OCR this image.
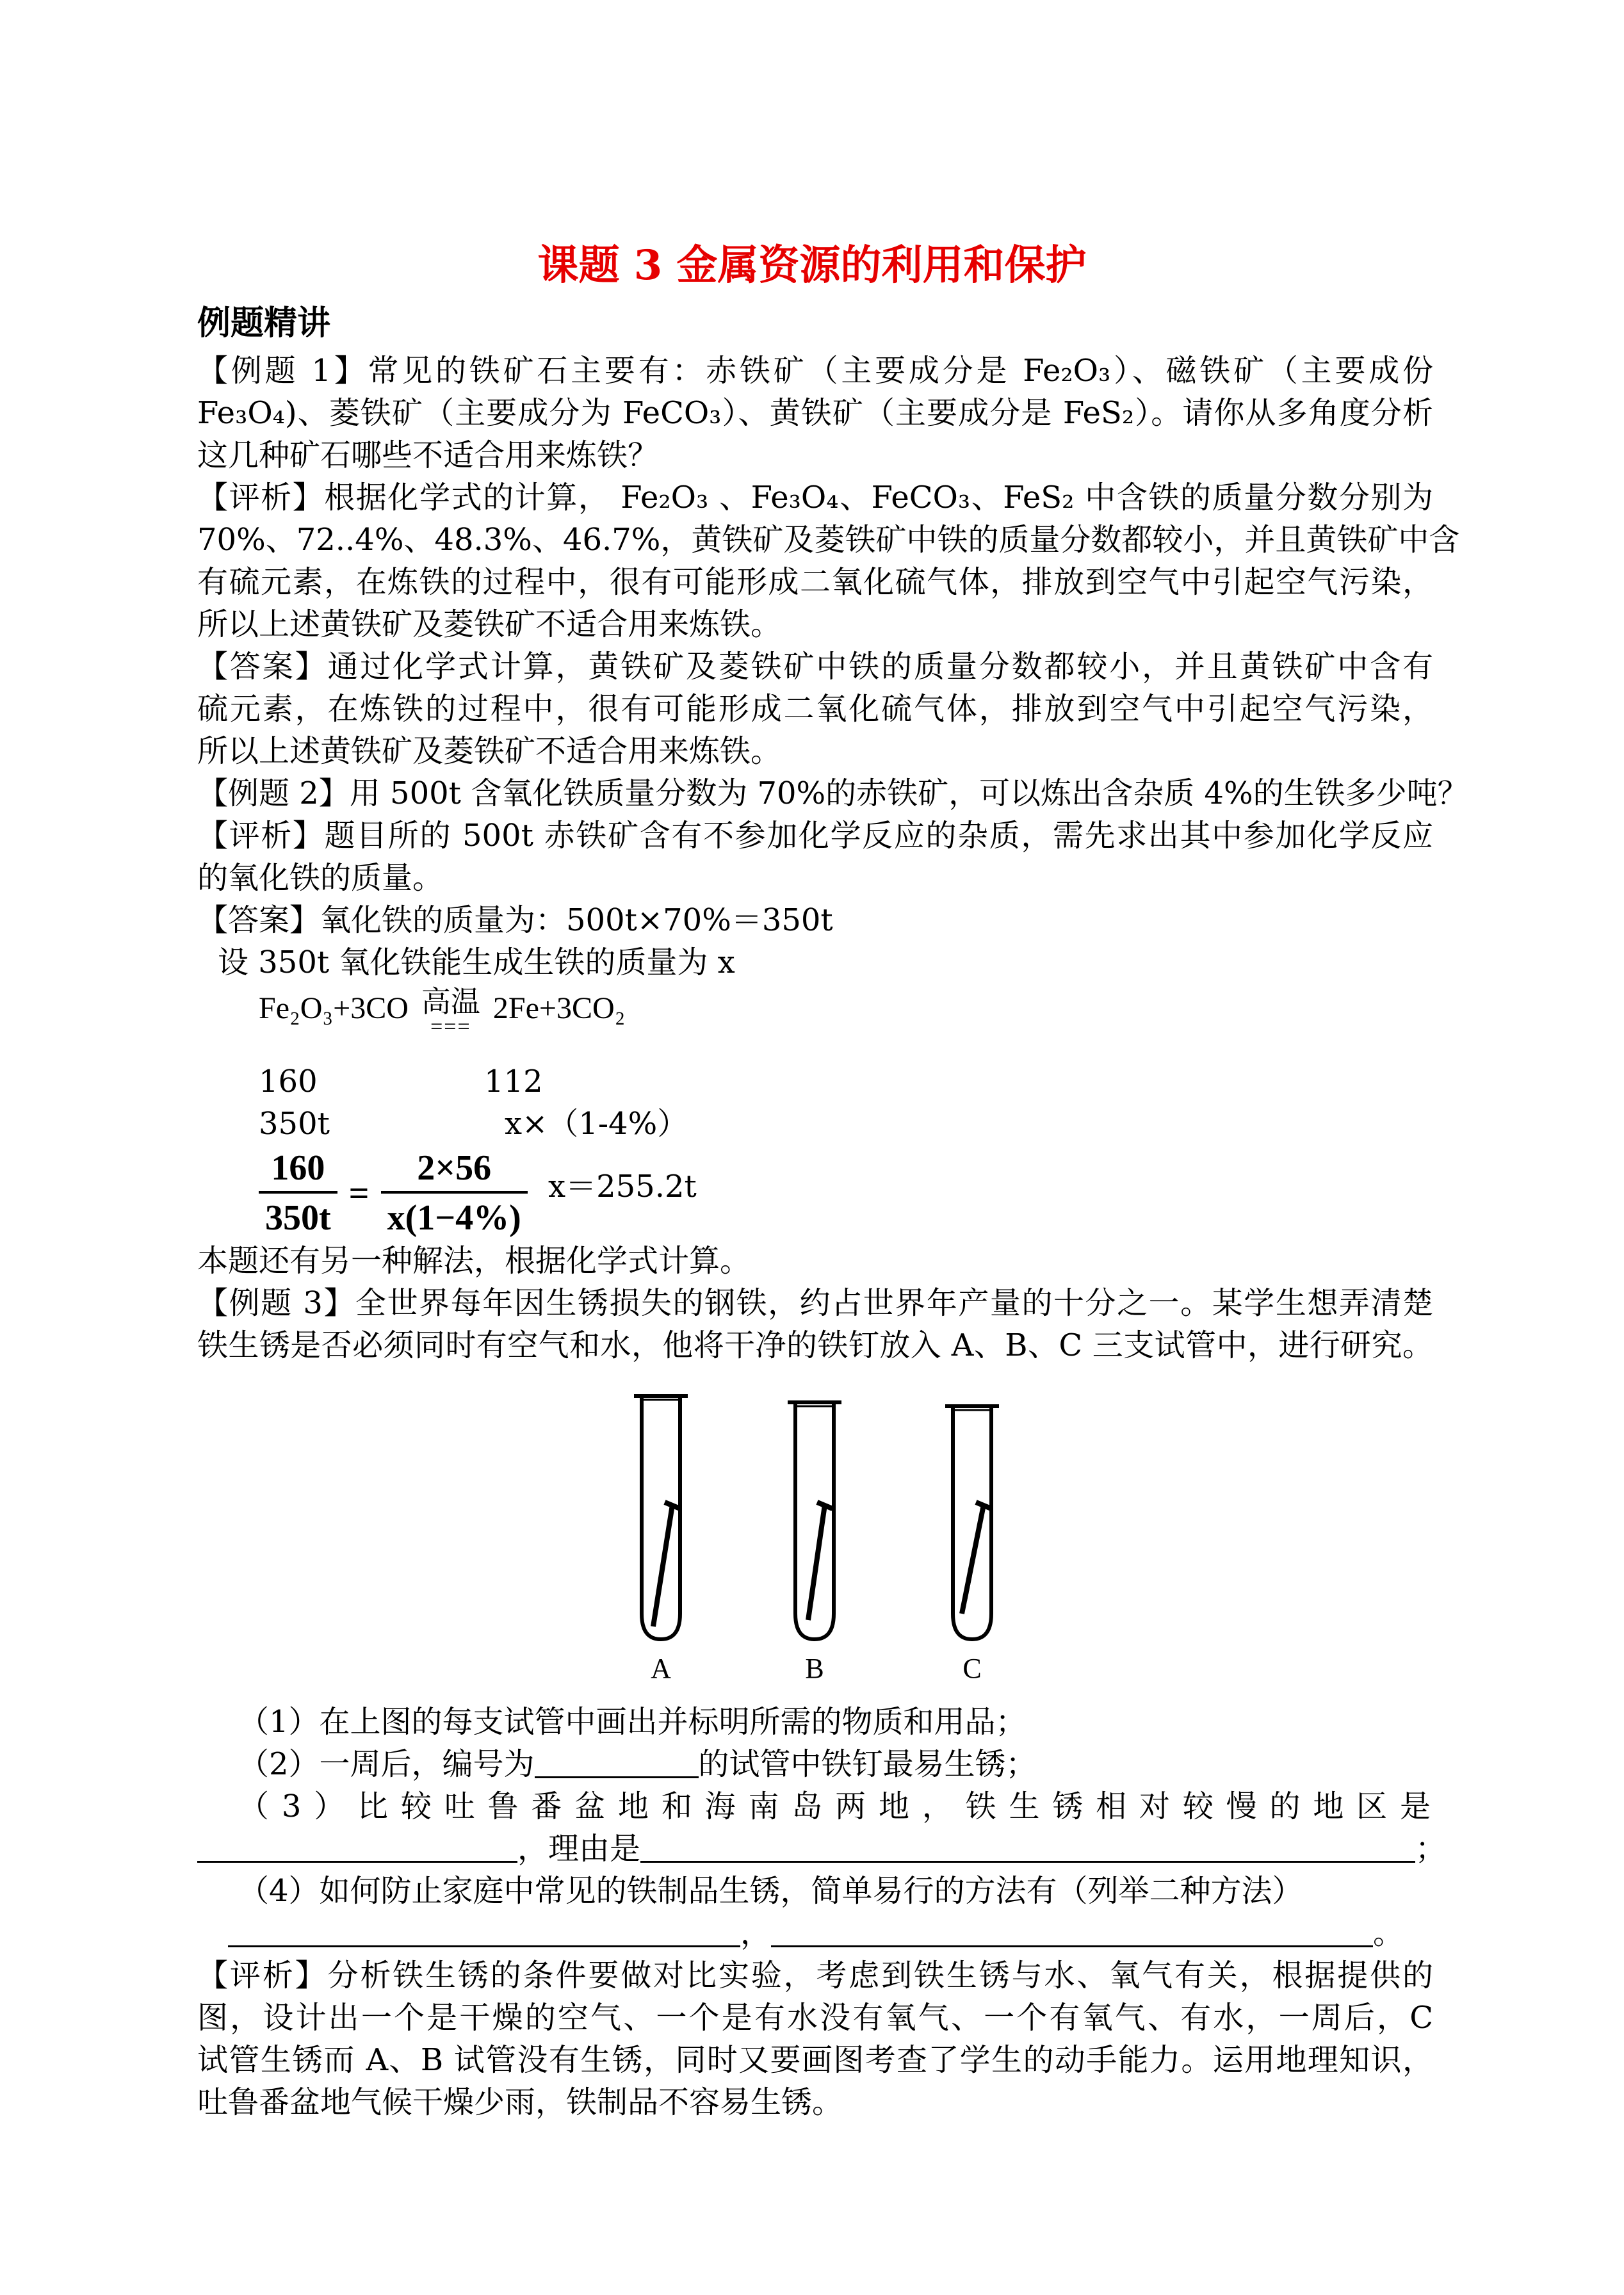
课题 3 金属资源的利用和保护
例题精讲
【例题 1】常见的铁矿石主要有：赤铁矿（主要成分是 Fe₂O₃）、磁铁矿（主要成份
Fe₃O₄)、菱铁矿（主要成分为 FeCO₃）、黄铁矿（主要成分是 FeS₂）。请你从多角度分析
这几种矿石哪些不适合用来炼铁？
【评析】根据化学式的计算， Fe₂O₃ 、Fe₃O₄、FeCO₃、FeS₂ 中含铁的质量分数分别为
70%、72..4%、48.3%、46.7%，黄铁矿及菱铁矿中铁的质量分数都较小，并且黄铁矿中含
有硫元素，在炼铁的过程中，很有可能形成二氧化硫气体，排放到空气中引起空气污染，
所以上述黄铁矿及菱铁矿不适合用来炼铁。
【答案】通过化学式计算，黄铁矿及菱铁矿中铁的质量分数都较小，并且黄铁矿中含有
硫元素，在炼铁的过程中，很有可能形成二氧化硫气体，排放到空气中引起空气污染，
所以上述黄铁矿及菱铁矿不适合用来炼铁。
【例题 2】用 500t 含氧化铁质量分数为 70%的赤铁矿，可以炼出含杂质 4%的生铁多少吨？
【评析】题目所的 500t 赤铁矿含有不参加化学反应的杂质，需先求出其中参加化学反应
的氧化铁的质量。
【答案】氧化铁的质量为：500t×70%＝350t
设 350t 氧化铁能生成生铁的质量为 x
Fe₂O₃+3CO 高温
===
2Fe+3CO₂
160	112
350t	x×（1-4%）
$\frac{160}{350t} = \frac{2\times 56}{x(1-4\%)} x=255.2t$
本题还有另一种解法，根据化学式计算。
【例题 3】全世界每年因生锈损失的钢铁，约占世界年产量的十分之一。某学生想弄清楚
铁生锈是否必须同时有空气和水，他将干净的铁钉放入 A、B、C 三支试管中，进行研究。
A	B	C
（1）在上图的每支试管中画出并标明所需的物质和用品；
（2）一周后，编号为	的试管中铁钉最易生锈；
（3）比较吐鲁番盆地和海南岛两地，铁生锈相对较慢的地区是
，理由是	；
（4）如何防止家庭中常见的铁制品生锈，简单易行的方法有（列举二种方法）
，	。
【评析】分析铁生锈的条件要做对比实验，考虑到铁生锈与水、氧气有关，根据提供的
图，设计出一个是干燥的空气、一个是有水没有氧气、一个有氧气、有水，一周后，C
试管生锈而 A、B 试管没有生锈，同时又要画图考查了学生的动手能力。运用地理知识，
吐鲁番盆地气候干燥少雨，铁制品不容易生锈。
